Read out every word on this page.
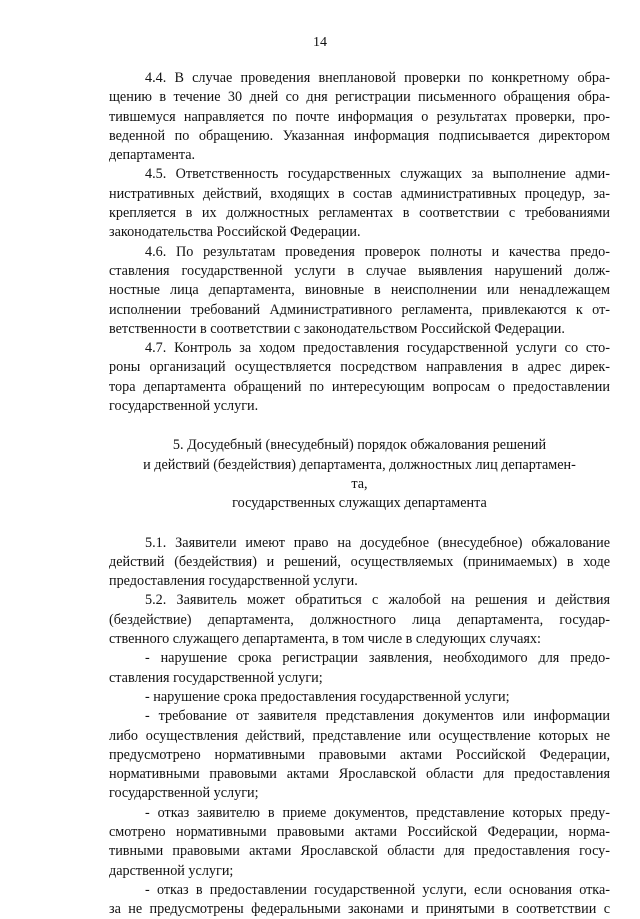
14
4.4. В случае проведения внеплановой проверки по конкретному обра-
щению в течение 30 дней со дня регистрации письменного обращения обра-
тившемуся направляется по почте информация о результатах проверки, про-
веденной по обращению. Указанная информация подписывается директором
департамента.
4.5. Ответственность государственных служащих за выполнение адми-
нистративных действий, входящих в состав административных процедур, за-
крепляется в их должностных регламентах в соответствии с требованиями
законодательства Российской Федерации.
4.6. По результатам проведения проверок полноты и качества предо-
ставления государственной услуги в случае выявления нарушений долж-
ностные лица департамента, виновные в неисполнении или ненадлежащем
исполнении требований Административного регламента, привлекаются к от-
ветственности в соответствии с законодательством Российской Федерации.
4.7. Контроль за ходом предоставления государственной услуги со сто-
роны организаций осуществляется посредством направления в адрес дирек-
тора департамента обращений по интересующим вопросам о предоставлении
государственной услуги.
5. Досудебный (внесудебный) порядок обжалования решений
и действий (бездействия) департамента, должностных лиц департамен-
та,
государственных служащих департамента
5.1. Заявители имеют право на досудебное (внесудебное) обжалование
действий (бездействия) и решений, осуществляемых (принимаемых) в ходе
предоставления государственной услуги.
5.2. Заявитель может обратиться с жалобой на решения и действия
(бездействие) департамента, должностного лица департамента, государ-
ственного служащего департамента, в том числе в следующих случаях:
- нарушение срока регистрации заявления, необходимого для предо-
ставления государственной услуги;
- нарушение срока предоставления государственной услуги;
- требование от заявителя представления документов или информации
либо осуществления действий, представление или осуществление которых не
предусмотрено нормативными правовыми актами Российской Федерации,
нормативными правовыми актами Ярославской области для предоставления
государственной услуги;
- отказ заявителю в приеме документов, представление которых преду-
смотрено нормативными правовыми актами Российской Федерации, норма-
тивными правовыми актами Ярославской области для предоставления госу-
дарственной услуги;
- отказ в предоставлении государственной услуги, если основания отка-
за не предусмотрены федеральными законами и принятыми в соответствии с
